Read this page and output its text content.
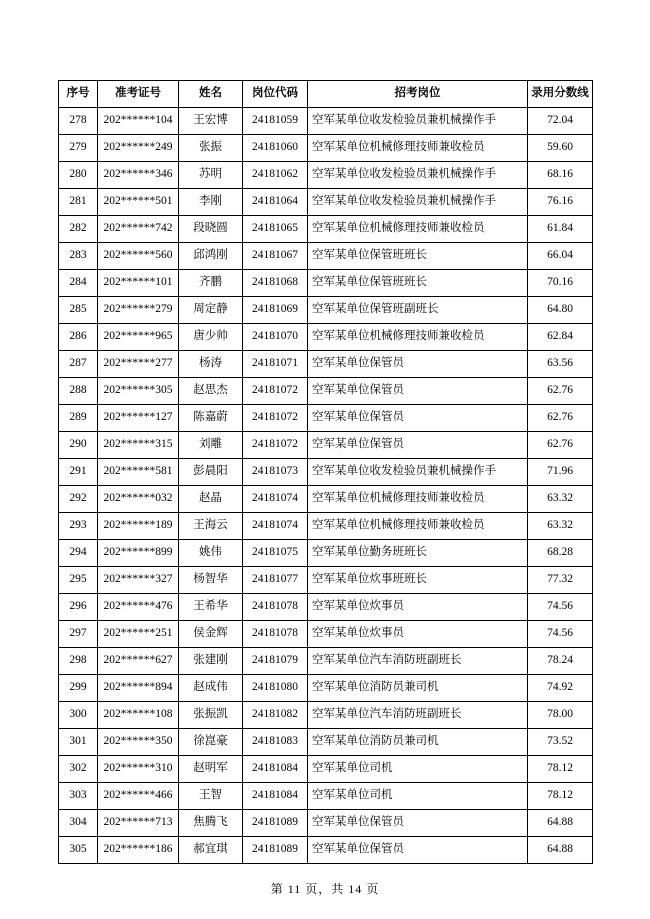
序号	准考证号	姓名	岗位代码	招考岗位	录用分数线
278	202******104	王宏博	24181059	空军某单位收发检验员兼机械操作手	72.04
279	202******249	张振	24181060	空军某单位机械修理技师兼收检员	59.60
280	202******346	苏明	24181062	空军某单位收发检验员兼机械操作手	68.16
281	202******501	李刚	24181064	空军某单位收发检验员兼机械操作手	76.16
282	202******742	段晓圆	24181065	空军某单位机械修理技师兼收检员	61.84
283	202******560	邱鸿刚	24181067	空军某单位保管班班长	66.04
284	202******101	齐鹏	24181068	空军某单位保管班班长	70.16
285	202******279	周定静	24181069	空军某单位保管班副班长	64.80
286	202******965	唐少帅	24181070	空军某单位机械修理技师兼收检员	62.84
287	202******277	杨涛	24181071	空军某单位保管员	63.56
288	202******305	赵思杰	24181072	空军某单位保管员	62.76
289	202******127	陈嘉蔚	24181072	空军某单位保管员	62.76
290	202******315	刘雕	24181072	空军某单位保管员	62.76
291	202******581	彭晨阳	24181073	空军某单位收发检验员兼机械操作手	71.96
292	202******032	赵晶	24181074	空军某单位机械修理技师兼收检员	63.32
293	202******189	王海云	24181074	空军某单位机械修理技师兼收检员	63.32
294	202******899	姚伟	24181075	空军某单位勤务班班长	68.28
295	202******327	杨智华	24181077	空军某单位炊事班班长	77.32
296	202******476	王希华	24181078	空军某单位炊事员	74.56
297	202******251	侯金辉	24181078	空军某单位炊事员	74.56
298	202******627	张建刚	24181079	空军某单位汽车消防班副班长	78.24
299	202******894	赵成伟	24181080	空军某单位消防员兼司机	74.92
300	202******108	张振凯	24181082	空军某单位汽车消防班副班长	78.00
301	202******350	徐崑豪	24181083	空军某单位消防员兼司机	73.52
302	202******310	赵明军	24181084	空军某单位司机	78.12
303	202******466	王智	24181084	空军某单位司机	78.12
304	202******713	焦腾飞	24181089	空军某单位保管员	64.88
305	202******186	郝宜琪	24181089	空军某单位保管员	64.88
第 11 页，共 14 页
